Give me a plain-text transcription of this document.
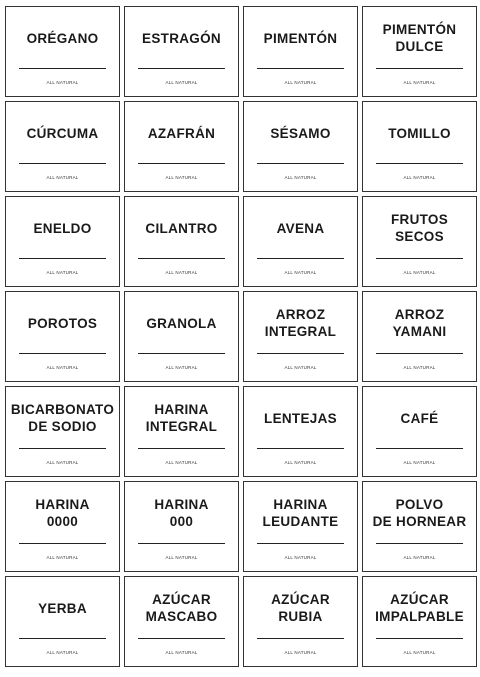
ORÉGANO
ALL NATURAL
ESTRAGÓN
ALL NATURAL
PIMENTÓN
ALL NATURAL
PIMENTÓN
DULCE
ALL NATURAL
CÚRCUMA
ALL NATURAL
AZAFRÁN
ALL NATURAL
SÉSAMO
ALL NATURAL
TOMILLO
ALL NATURAL
ENELDO
ALL NATURAL
CILANTRO
ALL NATURAL
AVENA
ALL NATURAL
FRUTOS
SECOS
ALL NATURAL
POROTOS
ALL NATURAL
GRANOLA
ALL NATURAL
ARROZ
INTEGRAL
ALL NATURAL
ARROZ
YAMANI
ALL NATURAL
BICARBONATO
DE SODIO
ALL NATURAL
HARINA
INTEGRAL
ALL NATURAL
LENTEJAS
ALL NATURAL
CAFÉ
ALL NATURAL
HARINA
0000
ALL NATURAL
HARINA
000
ALL NATURAL
HARINA
LEUDANTE
ALL NATURAL
POLVO
DE HORNEAR
ALL NATURAL
YERBA
ALL NATURAL
AZÚCAR
MASCABO
ALL NATURAL
AZÚCAR
RUBIA
ALL NATURAL
AZÚCAR
IMPALPABLE
ALL NATURAL
